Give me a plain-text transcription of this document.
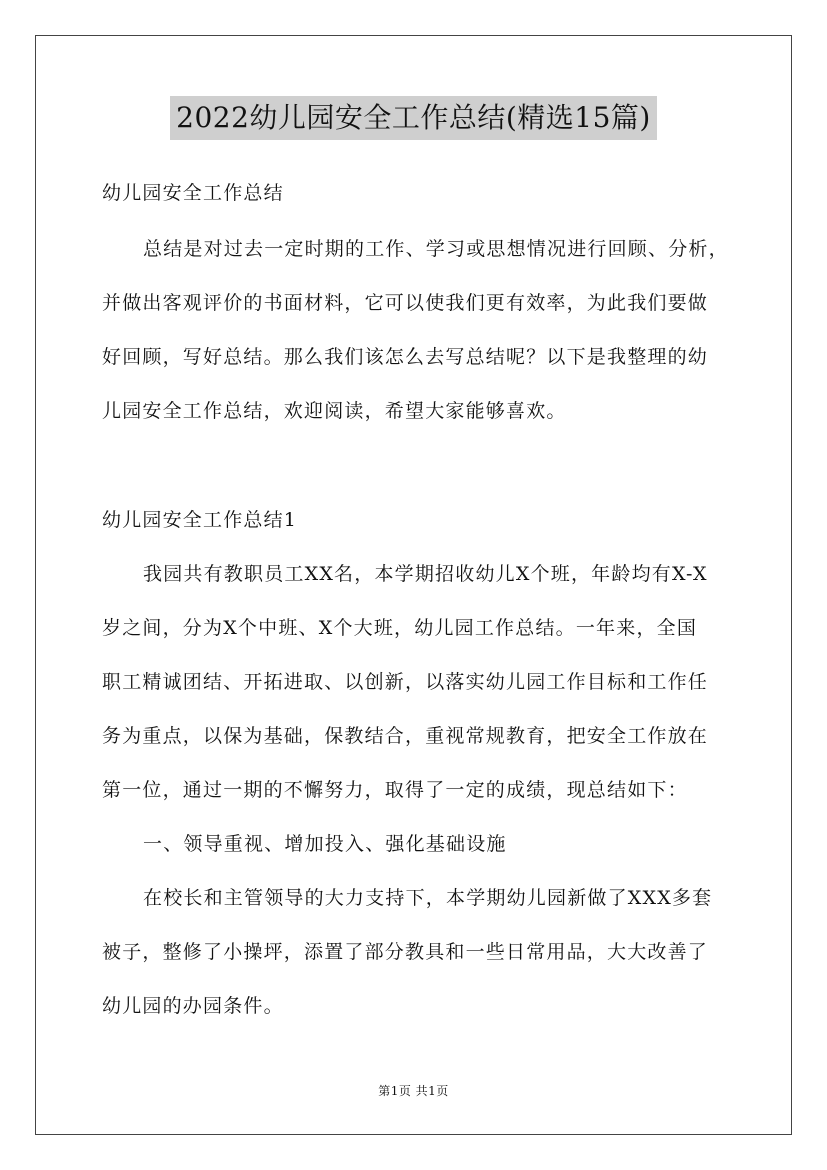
2022幼儿园安全工作总结(精选15篇)
幼儿园安全工作总结
总结是对过去一定时期的工作、学习或思想情况进行回顾、分析，
并做出客观评价的书面材料，它可以使我们更有效率，为此我们要做
好回顾，写好总结。那么我们该怎么去写总结呢？以下是我整理的幼
儿园安全工作总结，欢迎阅读，希望大家能够喜欢。
幼儿园安全工作总结1
我园共有教职员工XX名，本学期招收幼儿X个班，年龄均有X-X
岁之间，分为X个中班、X个大班，幼儿园工作总结。一年来，全国
职工精诚团结、开拓进取、以创新，以落实幼儿园工作目标和工作任
务为重点，以保为基础，保教结合，重视常规教育，把安全工作放在
第一位，通过一期的不懈努力，取得了一定的成绩，现总结如下：
一、领导重视、增加投入、强化基础设施
在校长和主管领导的大力支持下，本学期幼儿园新做了XXX多套
被子，整修了小操坪，添置了部分教具和一些日常用品，大大改善了
幼儿园的办园条件。
第1页 共1页
